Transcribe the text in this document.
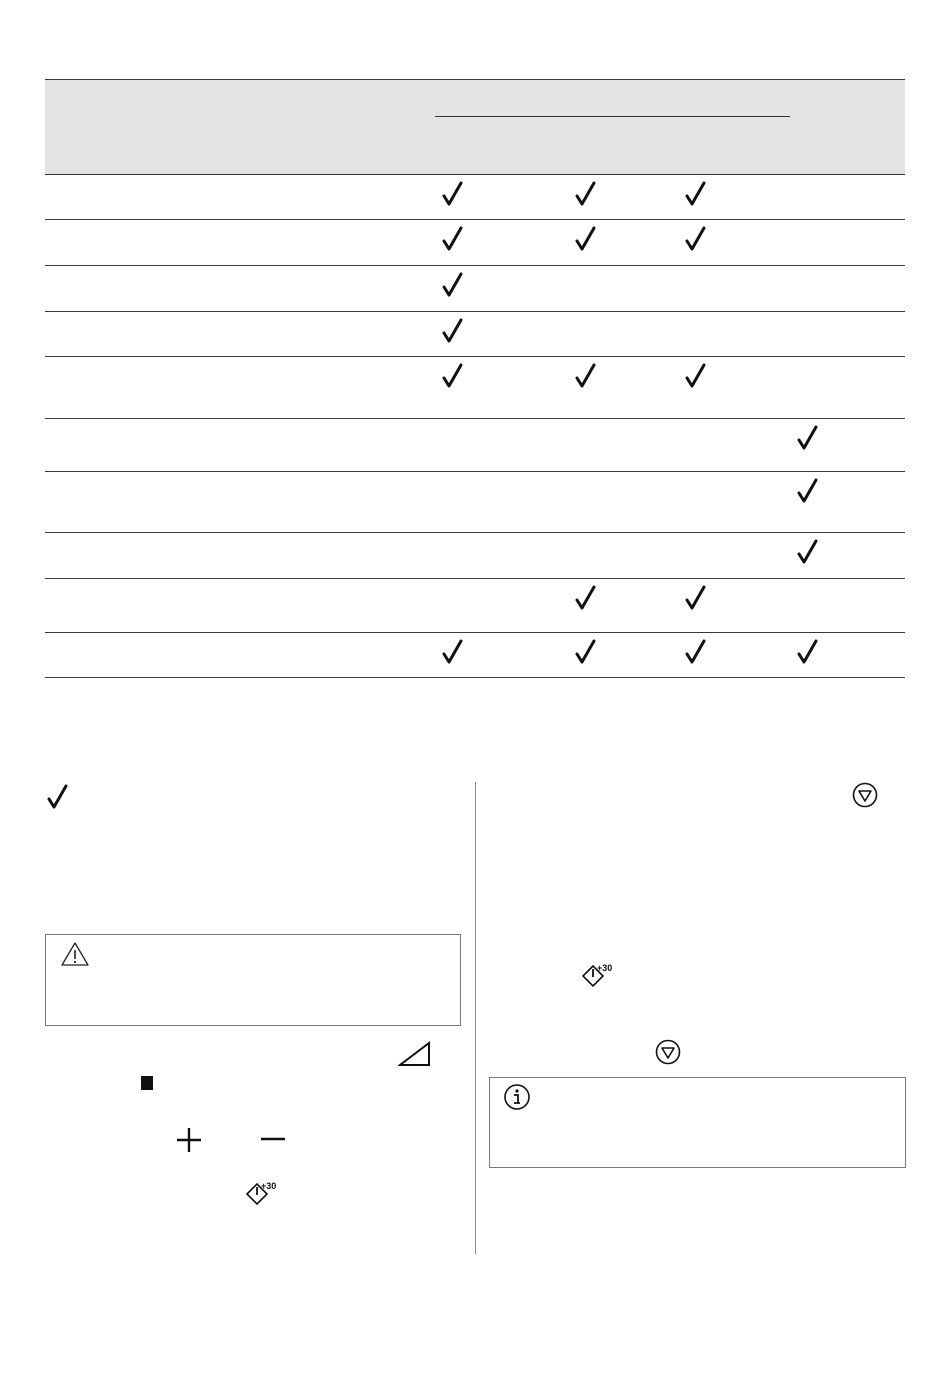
+30
+30
